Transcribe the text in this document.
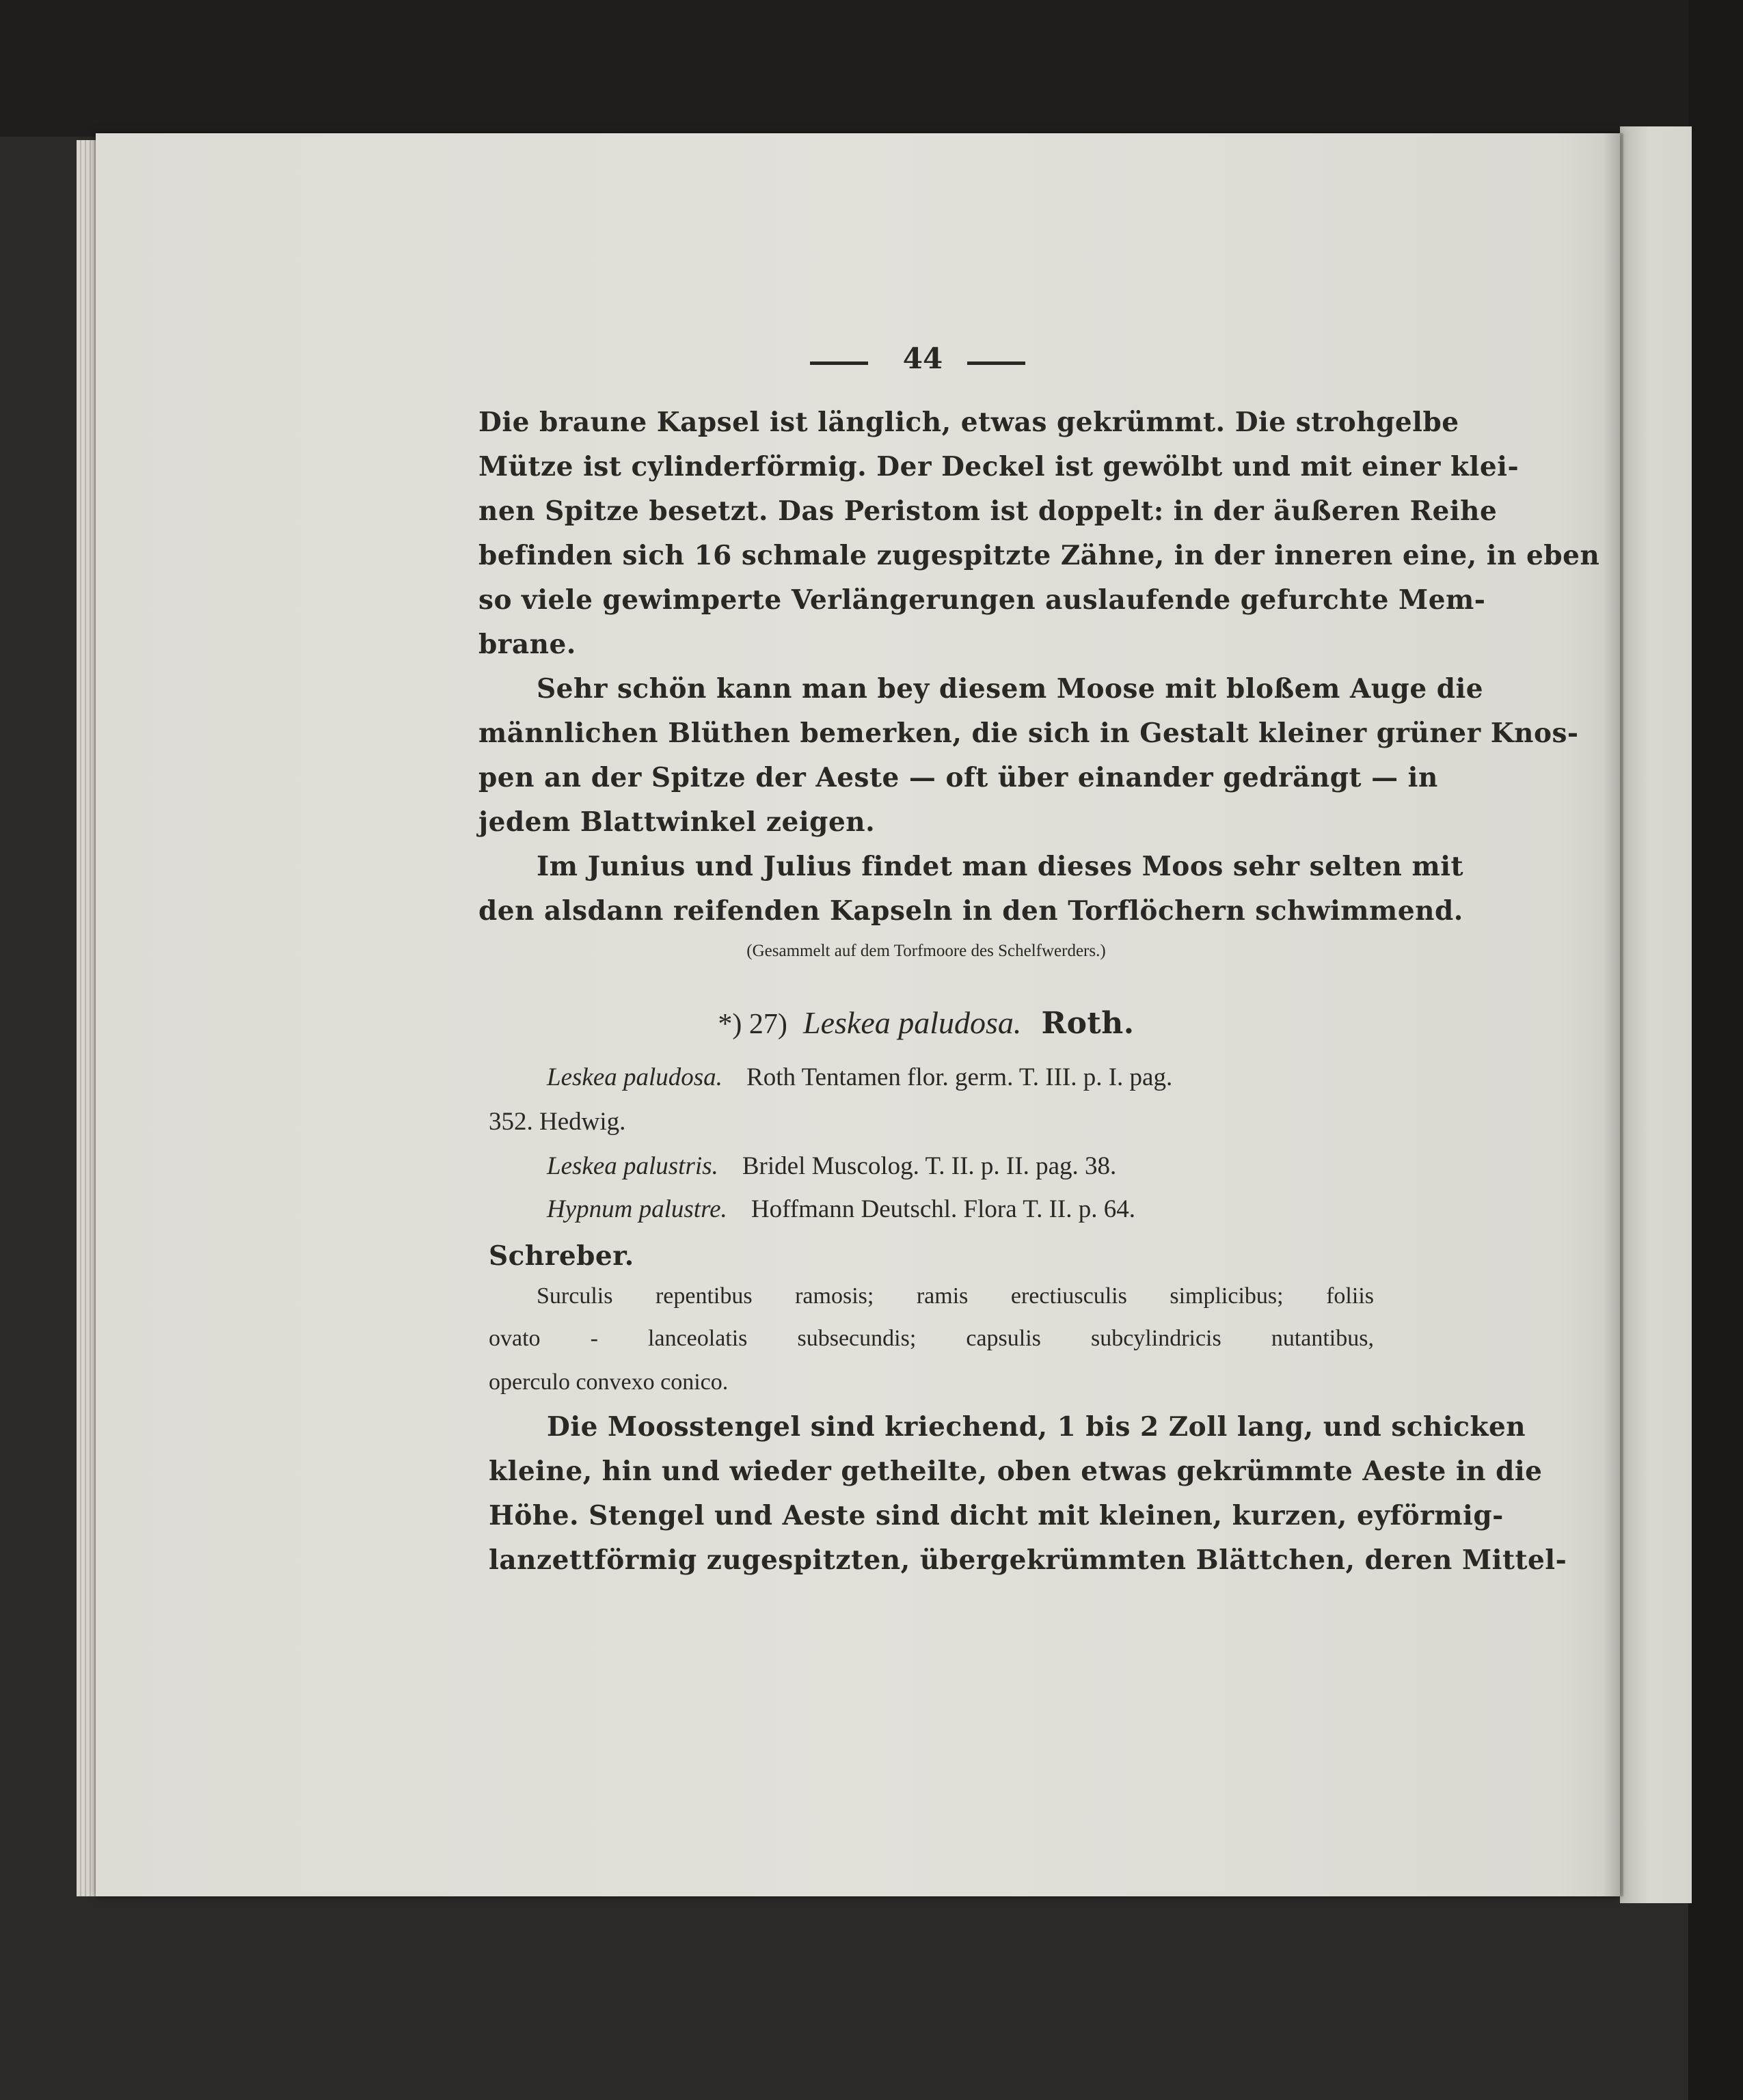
44
Die braune Kapsel ist länglich, etwas gekrümmt. Die strohgelbe
Mütze ist cylinderförmig. Der Deckel ist gewölbt und mit einer klei-
nen Spitze besetzt. Das Peristom ist doppelt: in der äußeren Reihe
befinden sich 16 schmale zugespitzte Zähne, in der inneren eine, in eben
so viele gewimperte Verlängerungen auslaufende gefurchte Mem-
brane.
Sehr schön kann man bey diesem Moose mit bloßem Auge die
männlichen Blüthen bemerken, die sich in Gestalt kleiner grüner Knos-
pen an der Spitze der Aeste — oft über einander gedrängt — in
jedem Blattwinkel zeigen.
Im Junius und Julius findet man dieses Moos sehr selten mit
den alsdann reifenden Kapseln in den Torflöchern schwimmend.
(Gesammelt auf dem Torfmoore des Schelfwerders.)
*) 27) Leskea paludosa. Roth.
Leskea paludosa. Roth Tentamen flor. germ. T. III. p. I. pag.
352. Hedwig.
Leskea palustris. Bridel Muscolog. T. II. p. II. pag. 38.
Hypnum palustre. Hoffmann Deutschl. Flora T. II. p. 64.
Schreber.
Surculis repentibus ramosis; ramis erectiusculis simplicibus; foliis
ovato - lanceolatis subsecundis; capsulis subcylindricis nutantibus,
operculo convexo conico.
Die Moosstengel sind kriechend, 1 bis 2 Zoll lang, und schicken
kleine, hin und wieder getheilte, oben etwas gekrümmte Aeste in die
Höhe. Stengel und Aeste sind dicht mit kleinen, kurzen, eyförmig-
lanzettförmig zugespitzten, übergekrümmten Blättchen, deren Mittel-
